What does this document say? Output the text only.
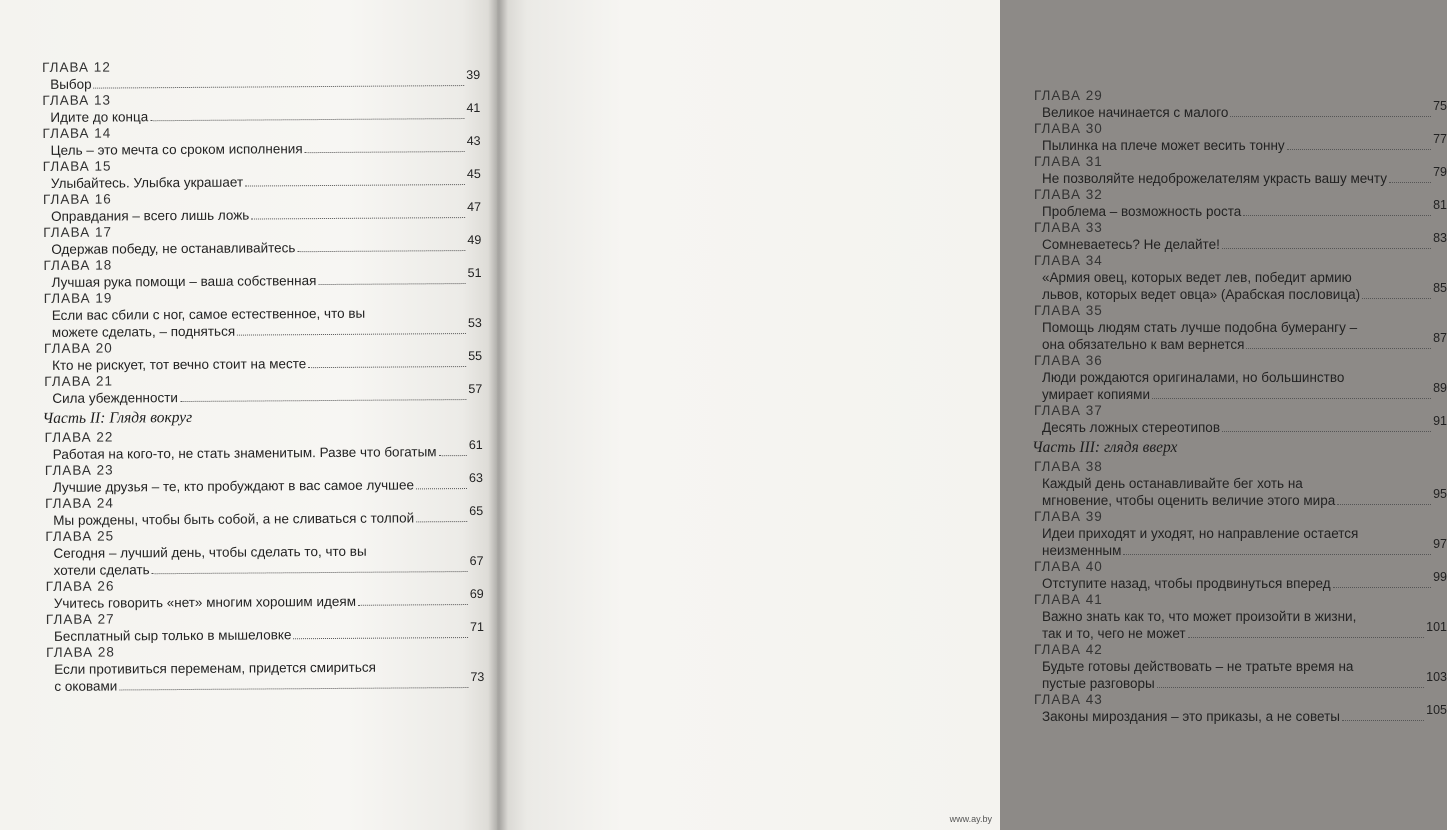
ГЛАВА 12
Выбор
39
ГЛАВА 13
Идите до конца
41
ГЛАВА 14
Цель – это мечта со сроком исполнения
43
ГЛАВА 15
Улыбайтесь. Улыбка украшает
45
ГЛАВА 16
Оправдания – всего лишь ложь
47
ГЛАВА 17
Одержав победу, не останавливайтесь
49
ГЛАВА 18
Лучшая рука помощи – ваша собственная
51
ГЛАВА 19
Если вас сбили с ног, самое естественное, что вы
можете сделать, – подняться
53
ГЛАВА 20
Кто не рискует, тот вечно стоит на месте
55
ГЛАВА 21
Сила убежденности
57
Часть II: Глядя вокруг
ГЛАВА 22
Работая на кого-то, не стать знаменитым. Разве что богатым	61
ГЛАВА 23
Лучшие друзья – те, кто пробуждают в вас самое лучшее	63
ГЛАВА 24
Мы рождены, чтобы быть собой, а не сливаться с толпой	65
ГЛАВА 25
Сегодня – лучший день, чтобы сделать то, что вы
хотели сделать
67
ГЛАВА 26
Учитесь говорить «нет» многим хорошим идеям	69
ГЛАВА 27
Бесплатный сыр только в мышеловке
71
ГЛАВА 28
Если противиться переменам, придется смириться
с оковами
73
ГЛАВА 29
Великое начинается с малого	75
ГЛАВА 30
Пылинка на плече может весить тонну	77
ГЛАВА 31
Не позволяйте недоброжелателям украсть вашу мечту	79
ГЛАВА 32
Проблема – возможность роста	81
ГЛАВА 33
Сомневаетесь? Не делайте!	83
ГЛАВА 34
«Армия овец, которых ведет лев, победит армию
львов, которых ведет овца» (Арабская пословица)	85
ГЛАВА 35
Помощь людям стать лучше подобна бумерангу –
она обязательно к вам вернется	87
ГЛАВА 36
Люди рождаются оригиналами, но большинство
умирает копиями	89
ГЛАВА 37
Десять ложных стереотипов	91
Часть III: глядя вверх
ГЛАВА 38
Каждый день останавливайте бег хоть на
мгновение, чтобы оценить величие этого мира	95
ГЛАВА 39
Идеи приходят и уходят, но направление остается
неизменным	97
ГЛАВА 40
Отступите назад, чтобы продвинуться вперед	99
ГЛАВА 41
Важно знать как то, что может произойти в жизни,
так и то, чего не может	101
ГЛАВА 42
Будьте готовы действовать – не тратьте время на
пустые разговоры	103
ГЛАВА 43
Законы мироздания – это приказы, а не советы	105
www.ay.by
